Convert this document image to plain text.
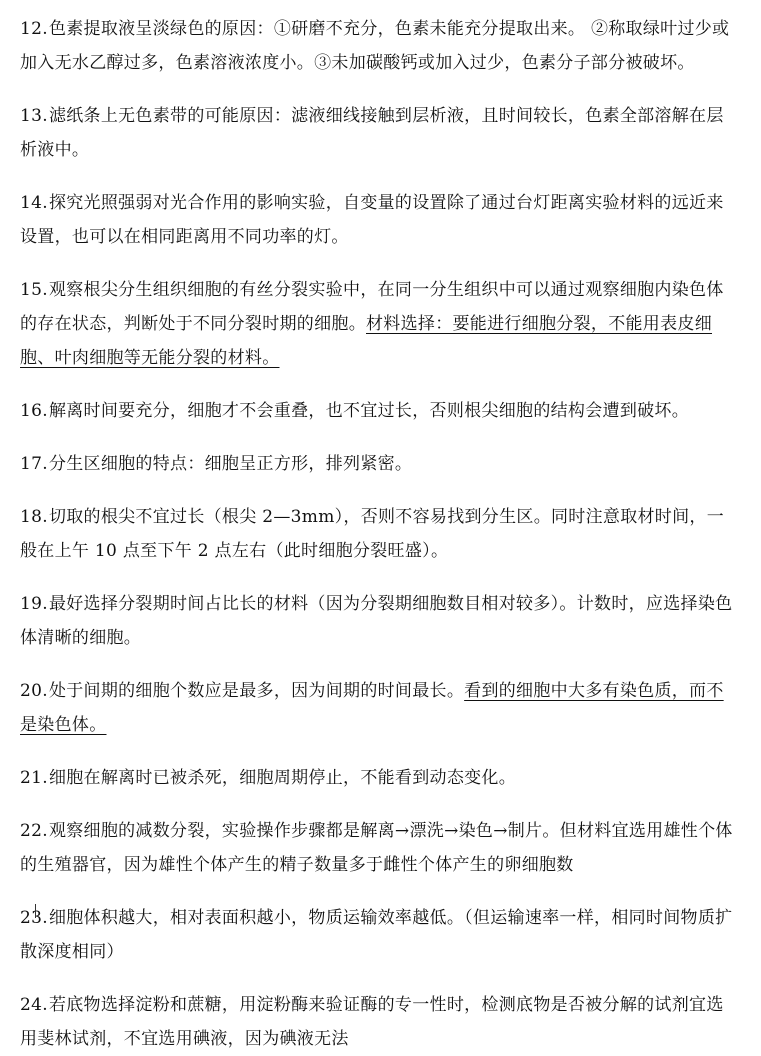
12.色素提取液呈淡绿色的原因：①研磨不充分，色素未能充分提取出来。 ②称取绿叶过少或加入无水乙醇过多，色素溶液浓度小。③未加碳酸钙或加入过少，色素分子部分被破坏。

13.滤纸条上无色素带的可能原因：滤液细线接触到层析液，且时间较长，色素全部溶解在层析液中。

14.探究光照强弱对光合作用的影响实验，自变量的设置除了通过台灯距离实验材料的远近来设置，也可以在相同距离用不同功率的灯。

15.观察根尖分生组织细胞的有丝分裂实验中，在同一分生组织中可以通过观察细胞内染色体的存在状态，判断处于不同分裂时期的细胞。材料选择：要能进行细胞分裂，不能用表皮细胞、叶肉细胞等无能分裂的材料。

16.解离时间要充分，细胞才不会重叠，也不宜过长，否则根尖细胞的结构会遭到破坏。

17.分生区细胞的特点：细胞呈正方形，排列紧密。

18.切取的根尖不宜过长（根尖 2—3mm），否则不容易找到分生区。同时注意取材时间，一般在上午 10 点至下午 2 点左右（此时细胞分裂旺盛）。

19.最好选择分裂期时间占比长的材料（因为分裂期细胞数目相对较多）。计数时，应选择染色体清晰的细胞。

20.处于间期的细胞个数应是最多，因为间期的时间最长。看到的细胞中大多有染色质，而不是染色体。

21.细胞在解离时已被杀死，细胞周期停止，不能看到动态变化。

22.观察细胞的减数分裂，实验操作步骤都是解离→漂洗→染色→制片。但材料宜选用雄性个体的生殖器官，因为雄性个体产生的精子数量多于雌性个体产生的卵细胞数

23.细胞体积越大，相对表面积越小，物质运输效率越低。（但运输速率一样，相同时间物质扩散深度相同）

24.若底物选择淀粉和蔗糖，用淀粉酶来验证酶的专一性时，检测底物是否被分解的试剂宜选用斐林试剂，不宜选用碘液，因为碘液无法
